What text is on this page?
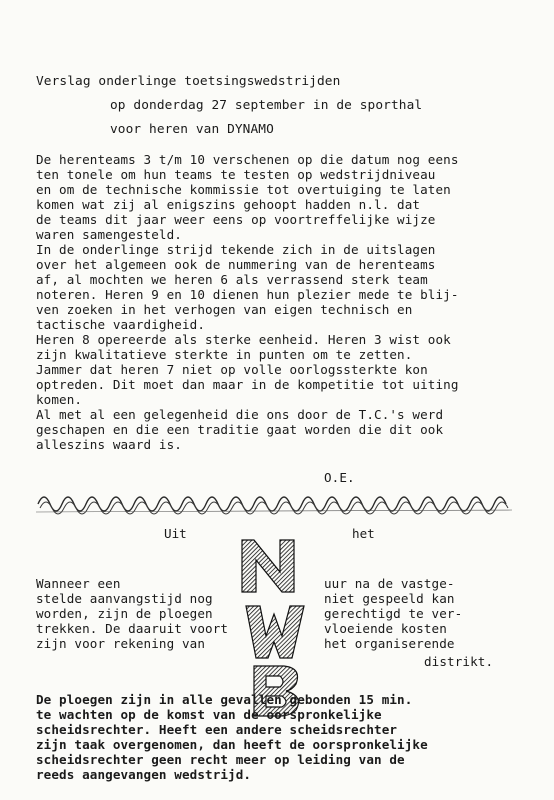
Verslag onderlinge toetsingswedstrijden
op donderdag 27 september in de sporthal
voor heren van DYNAMO
De herenteams 3 t/m 10 verschenen op die datum nog eens
ten tonele om hun teams te testen op wedstrijdniveau
en om de technische kommissie tot overtuiging te laten
komen wat zij al enigszins gehoopt hadden n.l. dat
de teams dit jaar weer eens op voortreffelijke wijze
waren samengesteld.
In de onderlinge strijd tekende zich in de uitslagen
over het algemeen ook de nummering van de herenteams
af, al mochten we heren 6 als verrassend sterk team
noteren. Heren 9 en 10 dienen hun plezier mede te blij-
ven zoeken in het verhogen van eigen technisch en
tactische vaardigheid.
Heren 8 opereerde als sterke eenheid. Heren 3 wist ook
zijn kwalitatieve sterkte in punten om te zetten.
Jammer dat heren 7 niet op volle oorlogssterkte kon
optreden. Dit moet dan maar in de kompetitie tot uiting
komen.
Al met al een gelegenheid die ons door de T.C.'s werd
geschapen en die een traditie gaat worden die dit ook
alleszins waard is.
O.E.
Uit	het
NWB
Wanneer een
stelde aanvangstijd nog
worden, zijn de ploegen
trekken. De daaruit voort
zijn voor rekening van
uur na de vastge-
niet gespeeld kan
gerechtigd te ver-
vloeiende kosten
het organiserende
distrikt.
De ploegen zijn in alle gevallen gebonden 15 min.
te wachten op de komst van de oorspronkelijke
scheidsrechter. Heeft een andere scheidsrechter
zijn taak overgenomen, dan heeft de oorspronkelijke
scheidsrechter geen recht meer op leiding van de
reeds aangevangen wedstrijd.
